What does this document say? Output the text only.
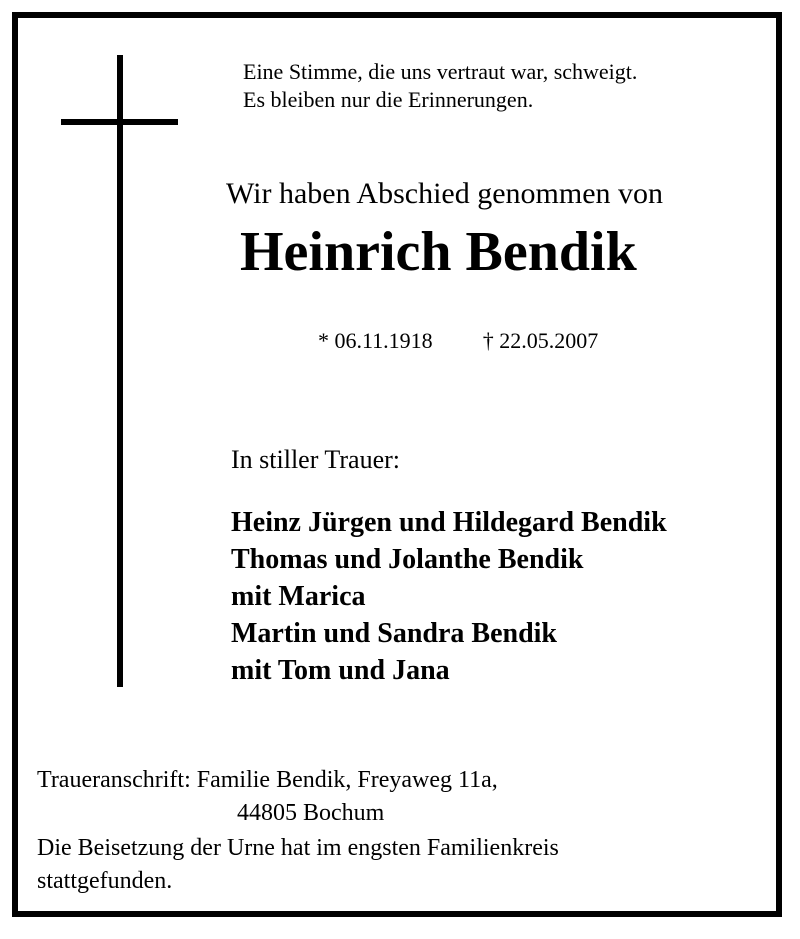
Eine Stimme, die uns vertraut war, schweigt.
Es bleiben nur die Erinnerungen.
Wir haben Abschied genommen von
Heinrich Bendik
* 06.11.1918 † 22.05.2007
In stiller Trauer:
Heinz Jürgen und Hildegard Bendik
Thomas und Jolanthe Bendik
mit Marica
Martin und Sandra Bendik
mit Tom und Jana
Traueranschrift: Familie Bendik, Freyaweg 11a,
44805 Bochum
Die Beisetzung der Urne hat im engsten Familienkreis
stattgefunden.
